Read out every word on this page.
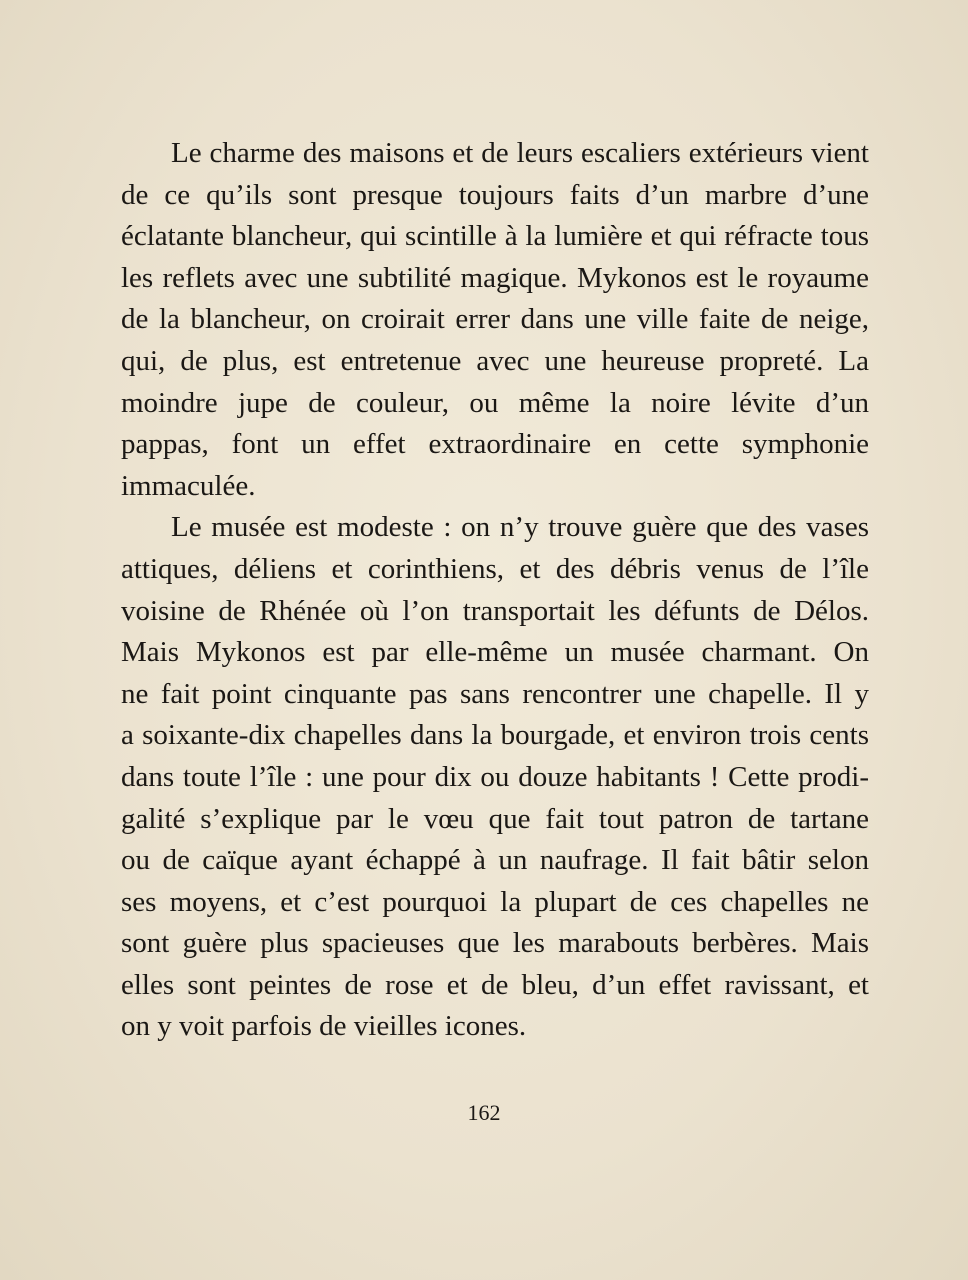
Le charme des maisons et de leurs escaliers extérieurs vient
de ce qu’ils sont presque toujours faits d’un marbre d’une
éclatante blancheur, qui scintille à la lumière et qui réfracte tous
les reflets avec une subtilité magique. Mykonos est le royaume
de la blancheur, on croirait errer dans une ville faite de neige,
qui, de plus, est entretenue avec une heureuse propreté. La
moindre jupe de couleur, ou même la noire lévite d’un
pappas, font un effet extraordinaire en cette symphonie
immaculée.

Le musée est modeste : on n’y trouve guère que des vases
attiques, déliens et corinthiens, et des débris venus de l’île
voisine de Rhénée où l’on transportait les défunts de Délos.
Mais Mykonos est par elle-même un musée charmant. On
ne fait point cinquante pas sans rencontrer une chapelle. Il y
a soixante-dix chapelles dans la bourgade, et environ trois cents
dans toute l’île : une pour dix ou douze habitants ! Cette prodi-
galité s’explique par le vœu que fait tout patron de tartane
ou de caïque ayant échappé à un naufrage. Il fait bâtir selon
ses moyens, et c’est pourquoi la plupart de ces chapelles ne
sont guère plus spacieuses que les marabouts berbères. Mais
elles sont peintes de rose et de bleu, d’un effet ravissant, et
on y voit parfois de vieilles icones.

162
